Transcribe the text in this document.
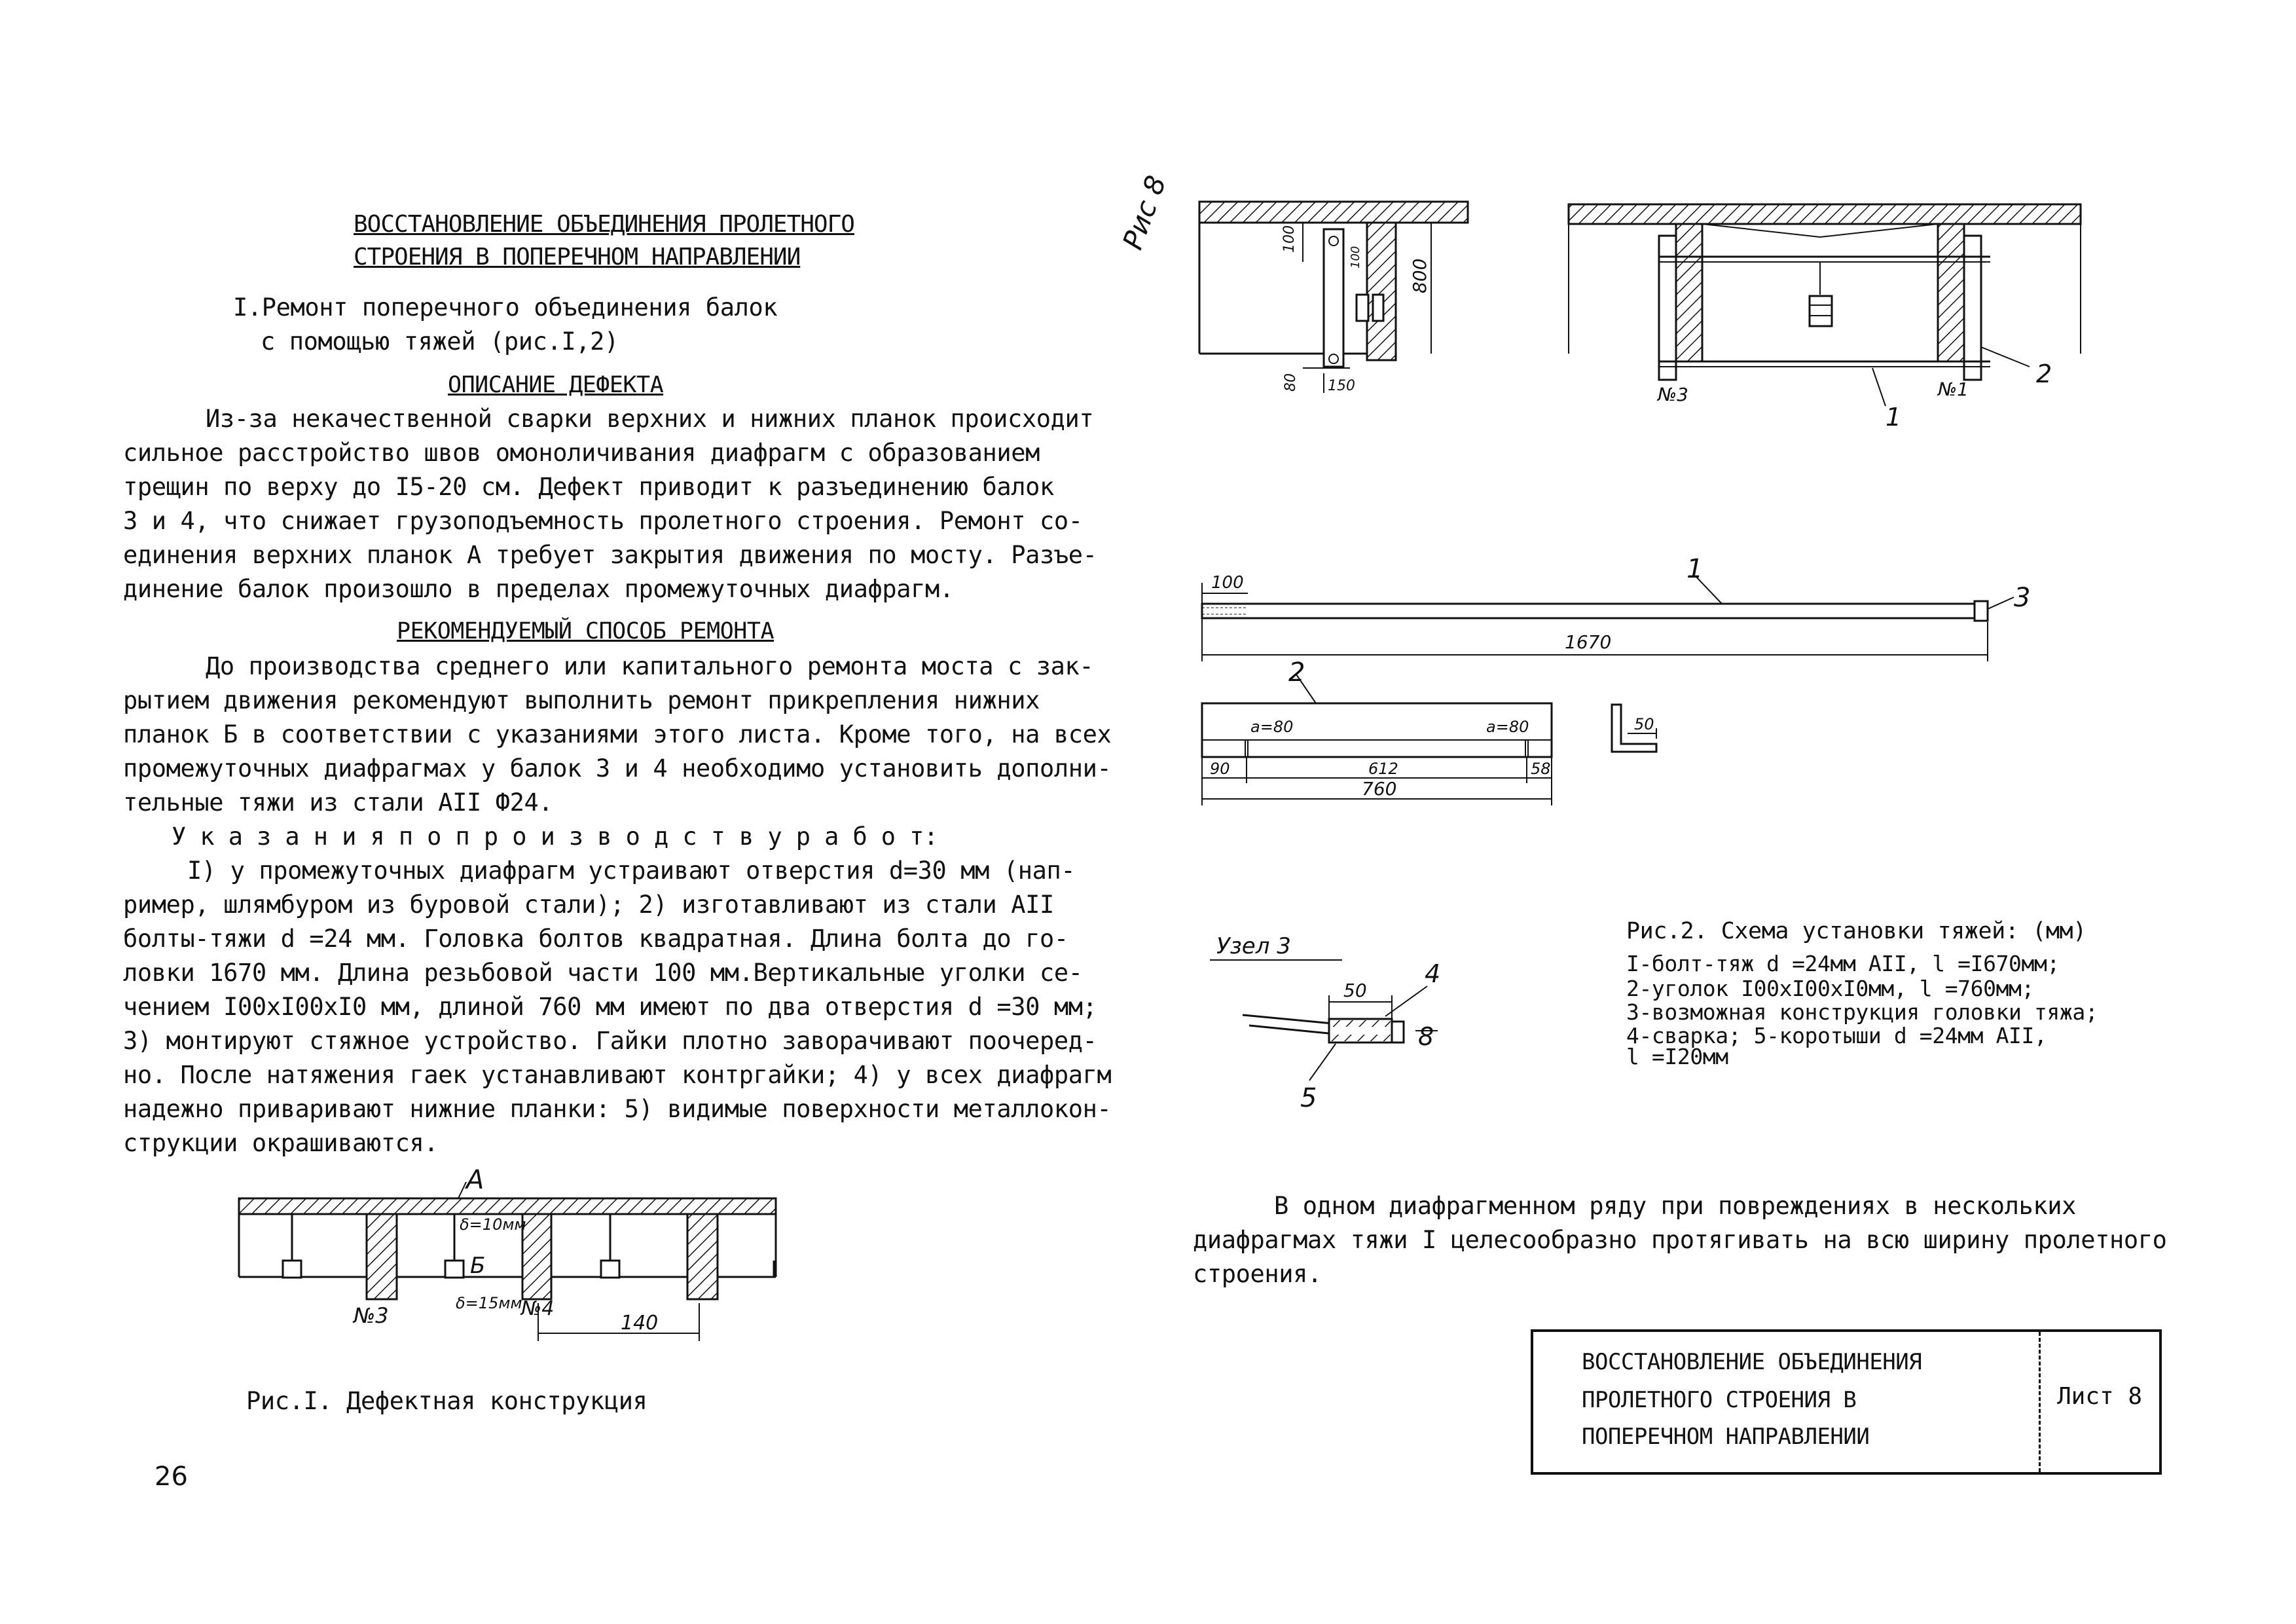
ВОССТАНОВЛЕНИЕ ОБЪЕДИНЕНИЯ ПРОЛЕТНОГО
СТРОЕНИЯ В ПОПЕРЕЧНОМ НАПРАВЛЕНИИ
I.Ремонт поперечного объединения балок
с помощью тяжей (рис.I,2)
ОПИСАНИЕ ДЕФЕКТА
Из-за некачественной сварки верхних и нижних планок происходит
сильное расстройство швов омоноличивания диафрагм с образованием
трещин по верху до I5-20 см. Дефект приводит к разъединению балок
3 и 4, что снижает грузоподъемность пролетного строения. Ремонт со-
единения верхних планок А требует закрытия движения по мосту. Разъе-
динение балок произошло в пределах промежуточных диафрагм.
РЕКОМЕНДУЕМЫЙ СПОСОБ РЕМОНТА
До производства среднего или капитального ремонта моста с зак-
рытием движения рекомендуют выполнить ремонт прикрепления нижних
планок Б в соответствии с указаниями этого листа. Кроме того, на всех
промежуточных диафрагмах у балок 3 и 4 необходимо установить дополни-
тельные тяжи из стали АII Ф24.
У к а з а н и я п о п р о и з в о д с т в у р а б о т:
I) у промежуточных диафрагм устраивают отверстия d=30 мм (нап-
ример, шлямбуром из буровой стали); 2) изготавливают из стали АII
болты-тяжи d =24 мм. Головка болтов квадратная. Длина болта до го-
ловки 1670 мм. Длина резьбовой части 100 мм.Вертикальные уголки се-
чением I00xI00xI0 мм, длиной 760 мм имеют по два отверстия d =30 мм;
3) монтируют стяжное устройство. Гайки плотно заворачивают поочеред-
но. После натяжения гаек устанавливают контргайки; 4) у всех диафрагм
надежно приваривают нижние планки: 5) видимые поверхности металлокон-
струкции окрашиваются.
А
δ=10мм
Б
δ=15мм
№3	№4
140
Рис.I. Дефектная конструкция
Рис 8	100
100
800
80 150	№3	№1
1
2
100	1
3
1670
2
a=80	a=80
90	612	58
760
50
Узел 3
50
4
5
8
Рис.2. Схема установки тяжей: (мм)
I-болт-тяж d =24мм АII, l =I670мм;
2-уголок I00xI00xI0мм, l =760мм;
3-возможная конструкция головки тяжа;
4-сварка; 5-коротыши d =24мм АII,
l =I20мм
В одном диафрагменном ряду при повреждениях в нескольких
диафрагмах тяжи I целесообразно протягивать на всю ширину пролетного
строения.
ВОССТАНОВЛЕНИЕ ОБЪЕДИНЕНИЯ
ПРОЛЕТНОГО СТРОЕНИЯ В
ПОПЕРЕЧНОМ НАПРАВЛЕНИИ
Лист 8
26
